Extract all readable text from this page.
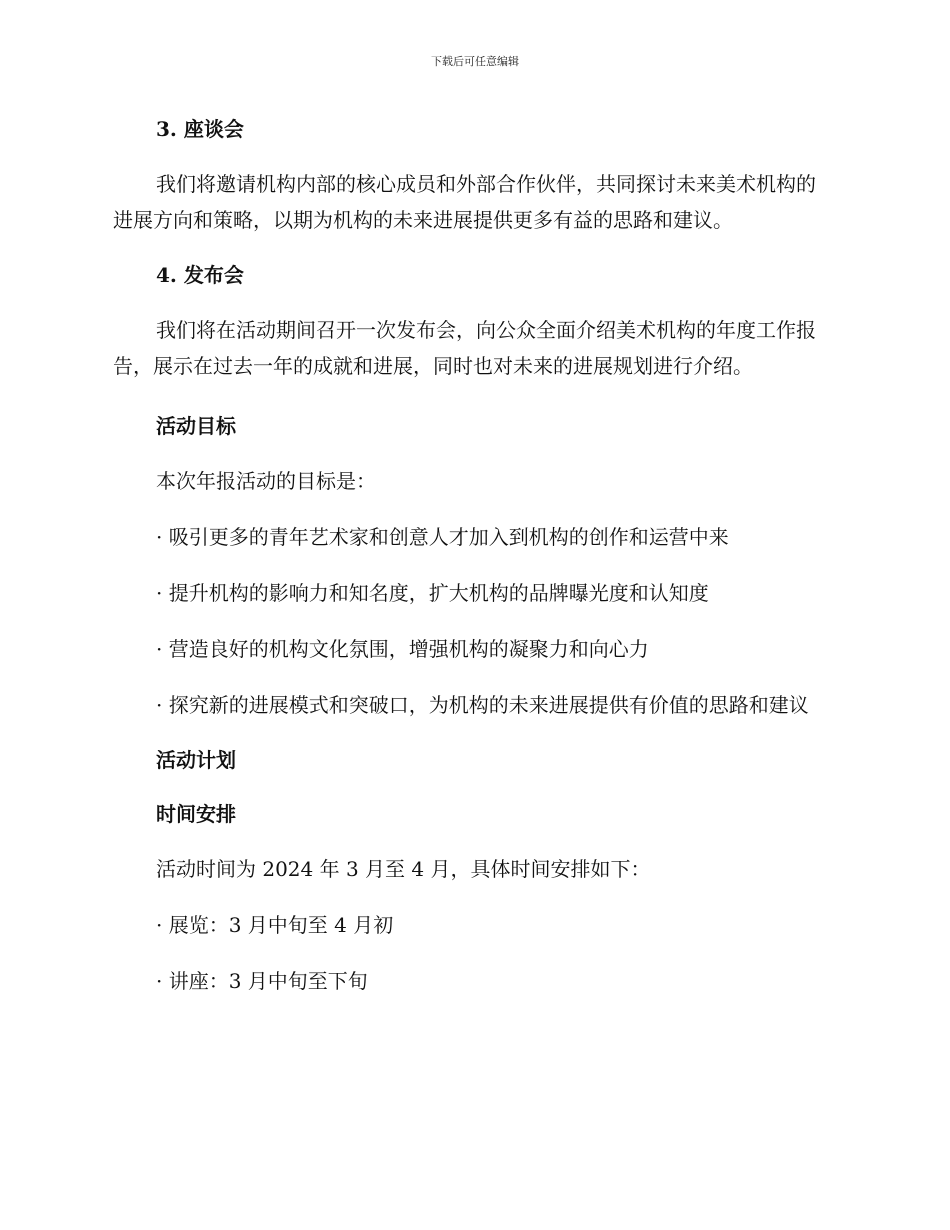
下载后可任意编辑

3. 座谈会

我们将邀请机构内部的核心成员和外部合作伙伴，共同探讨未来美术机构的进展方向和策略，以期为机构的未来进展提供更多有益的思路和建议。

4. 发布会

我们将在活动期间召开一次发布会，向公众全面介绍美术机构的年度工作报告，展示在过去一年的成就和进展，同时也对未来的进展规划进行介绍。

活动目标

本次年报活动的目标是：

· 吸引更多的青年艺术家和创意人才加入到机构的创作和运营中来

· 提升机构的影响力和知名度，扩大机构的品牌曝光度和认知度

· 营造良好的机构文化氛围，增强机构的凝聚力和向心力

· 探究新的进展模式和突破口，为机构的未来进展提供有价值的思路和建议

活动计划

时间安排

活动时间为 2024 年 3 月至 4 月，具体时间安排如下：

· 展览：3 月中旬至 4 月初

· 讲座：3 月中旬至下旬
